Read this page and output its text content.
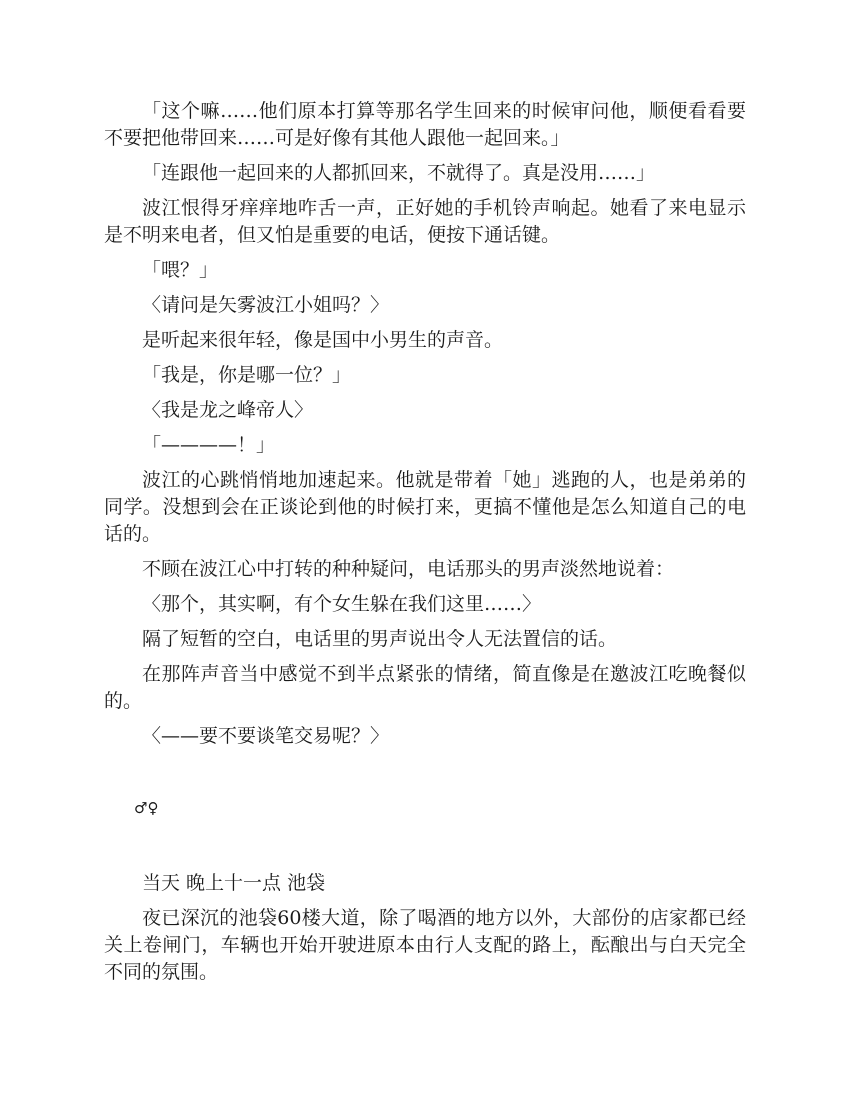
「这个嘛……他们原本打算等那名学生回来的时候审问他，顺便看看要不要把他带回来……可是好像有其他人跟他一起回来。」

「连跟他一起回来的人都抓回来，不就得了。真是没用……」

波江恨得牙痒痒地咋舌一声，正好她的手机铃声响起。她看了来电显示是不明来电者，但又怕是重要的电话，便按下通话键。

「喂？」

〈请问是矢雾波江小姐吗？〉

是听起来很年轻，像是国中小男生的声音。

「我是，你是哪一位？」

〈我是龙之峰帝人〉

「————！」

波江的心跳悄悄地加速起来。他就是带着「她」逃跑的人，也是弟弟的同学。没想到会在正谈论到他的时候打来，更搞不懂他是怎么知道自己的电话的。

不顾在波江心中打转的种种疑问，电话那头的男声淡然地说着：

〈那个，其实啊，有个女生躲在我们这里……〉

隔了短暂的空白，电话里的男声说出令人无法置信的话。

在那阵声音当中感觉不到半点紧张的情绪，简直像是在邀波江吃晚餐似的。

〈——要不要谈笔交易呢？〉

♂♀

当天 晚上十一点 池袋

夜已深沉的池袋60楼大道，除了喝酒的地方以外，大部份的店家都已经关上卷闸门，车辆也开始开驶进原本由行人支配的路上，酝酿出与白天完全不同的氛围。
